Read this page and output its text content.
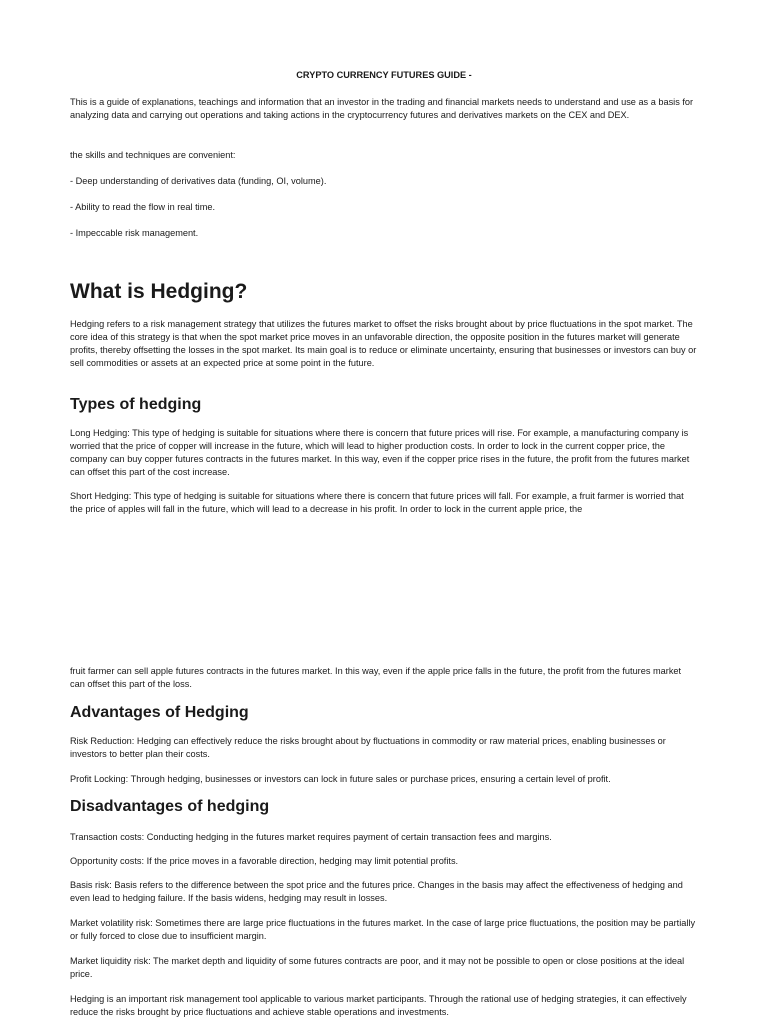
CRYPTO CURRENCY FUTURES GUIDE -

This is a guide of explanations, teachings and information that an investor in the trading and financial markets needs to understand and use as a basis for analyzing data and carrying out operations and taking actions in the cryptocurrency futures and derivatives markets on the CEX and DEX.

the skills and techniques are convenient:

- Deep understanding of derivatives data (funding, OI, volume).

- Ability to read the flow in real time.

- Impeccable risk management.

What is Hedging?

Hedging refers to a risk management strategy that utilizes the futures market to offset the risks brought about by price fluctuations in the spot market. The core idea of this strategy is that when the spot market price moves in an unfavorable direction, the opposite position in the futures market will generate profits, thereby offsetting the losses in the spot market. Its main goal is to reduce or eliminate uncertainty, ensuring that businesses or investors can buy or sell commodities or assets at an expected price at some point in the future.

Types of hedging

Long Hedging: This type of hedging is suitable for situations where there is concern that future prices will rise. For example, a manufacturing company is worried that the price of copper will increase in the future, which will lead to higher production costs. In order to lock in the current copper price, the company can buy copper futures contracts in the futures market. In this way, even if the copper price rises in the future, the profit from the futures market can offset this part of the cost increase.

Short Hedging: This type of hedging is suitable for situations where there is concern that future prices will fall. For example, a fruit farmer is worried that the price of apples will fall in the future, which will lead to a decrease in his profit. In order to lock in the current apple price, the

fruit farmer can sell apple futures contracts in the futures market. In this way, even if the apple price falls in the future, the profit from the futures market can offset this part of the loss.

Advantages of Hedging

Risk Reduction: Hedging can effectively reduce the risks brought about by fluctuations in commodity or raw material prices, enabling businesses or investors to better plan their costs.

Profit Locking: Through hedging, businesses or investors can lock in future sales or purchase prices, ensuring a certain level of profit.

Disadvantages of hedging

Transaction costs: Conducting hedging in the futures market requires payment of certain transaction fees and margins.

Opportunity costs: If the price moves in a favorable direction, hedging may limit potential profits.

Basis risk: Basis refers to the difference between the spot price and the futures price. Changes in the basis may affect the effectiveness of hedging and even lead to hedging failure. If the basis widens, hedging may result in losses.

Market volatility risk: Sometimes there are large price fluctuations in the futures market. In the case of large price fluctuations, the position may be partially or fully forced to close due to insufficient margin.

Market liquidity risk: The market depth and liquidity of some futures contracts are poor, and it may not be possible to open or close positions at the ideal price.

Hedging is an important risk management tool applicable to various market participants. Through the rational use of hedging strategies, it can effectively reduce the risks brought by price fluctuations and achieve stable operations and investments.
